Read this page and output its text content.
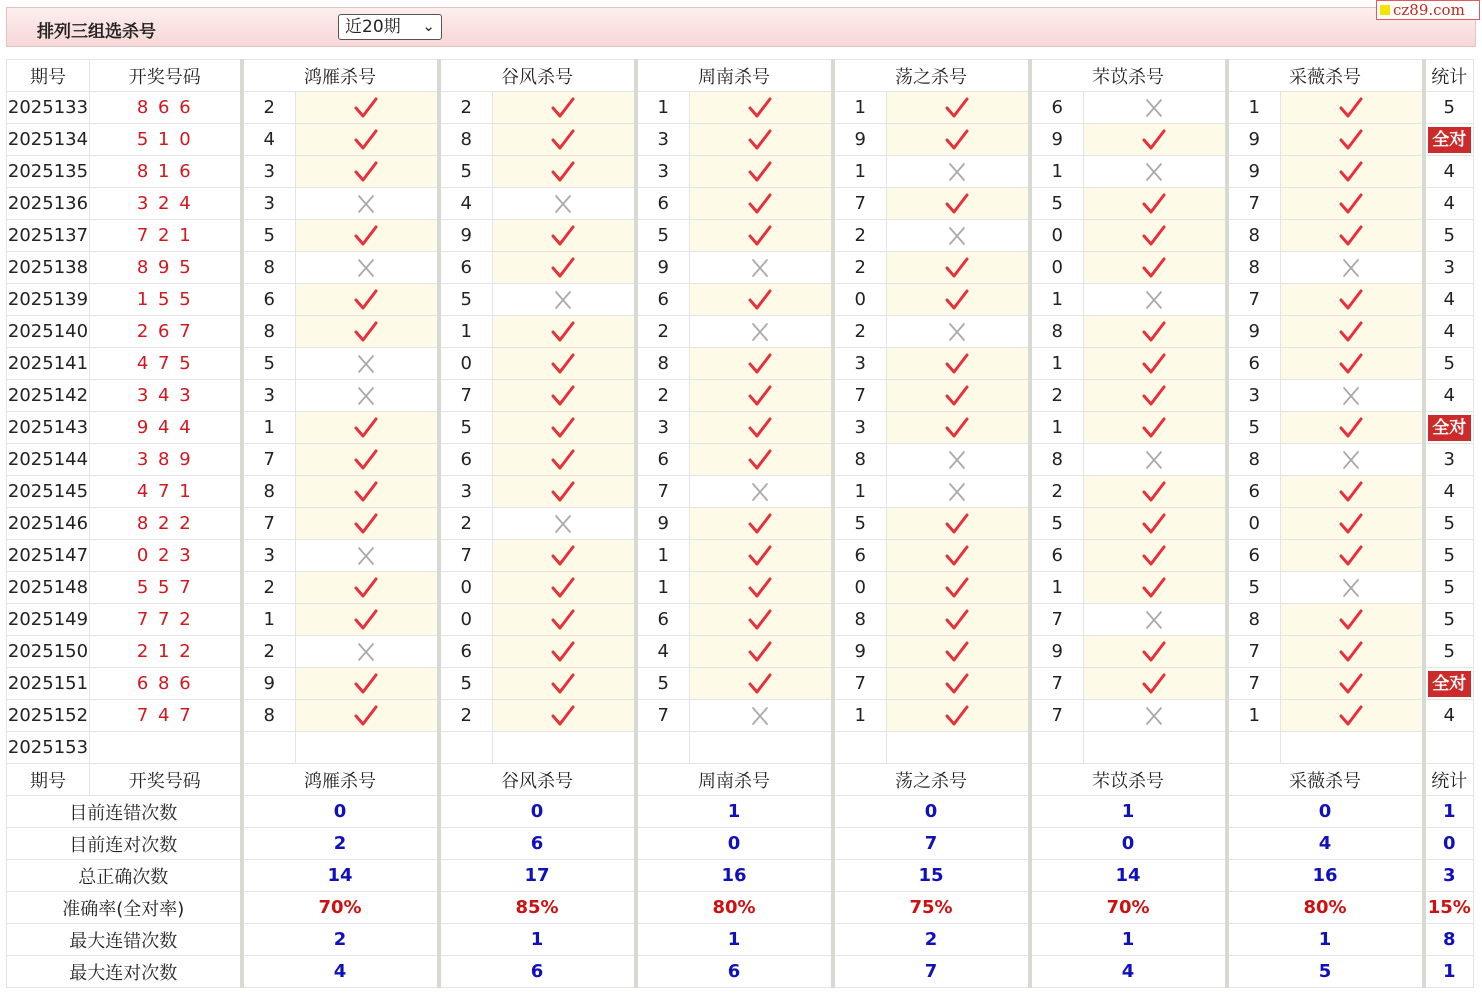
排列三组选杀号	近20期 ⌄
cz89.com
期号	开奖号码	鸿雁杀号		谷风杀号		周南杀号		荡之杀号		芣苡杀号		采薇杀号		统计
2025133	8 6 6	2		2		1		1		6		1		5
2025134	5 1 0	4		8		3		9		9		9		全对

2025135	8 1 6	3		5		3		1		1		9		4
2025136	3 2 4	3		4		6		7		5		7		4
2025137	7 2 1	5		9		5		2		0		8		5
2025138	8 9 5	8		6		9		2		0		8		3
2025139	1 5 5	6		5		6		0		1		7		4
2025140	2 6 7	8		1		2		2		8		9		4
2025141	4 7 5	5		0		8		3		1		6		5
2025142	3 4 3	3		7		2		7		2		3		4
2025143	9 4 4	1		5		3		3		1		5		全对

2025144	3 8 9	7		6		6		8		8		8		3
2025145	4 7 1	8		3		7		1		2		6		4
2025146	8 2 2	7		2		9		5		5		0		5
2025147	0 2 3	3		7		1		6		6		6		5
2025148	5 5 7	2		0		1		0		1		5		5
2025149	7 7 2	1		0		6		8		7		8		5
2025150	2 1 2	2		6		4		9		9		7		5
2025151	6 8 6	9		5		5		7		7		7		全对

2025152	7 4 7	8		2		7		1		7		1		4
2025153	当前期杀号	5		0		2		8		3		8		
期号	开奖号码	鸿雁杀号		谷风杀号		周南杀号		荡之杀号		芣苡杀号		采薇杀号		统计
目前连错次数		0		0		1		0		1		0		1
目前连对次数		2		6		0		7		0		4		0
总正确次数		14		17		16		15		14		16		3
准确率(全对率)		70%		85%		80%		75%		70%		80%		15%
最大连错次数		2		1		1		2		1		1		8
最大连对次数		4		6		6		7		4		5		1
